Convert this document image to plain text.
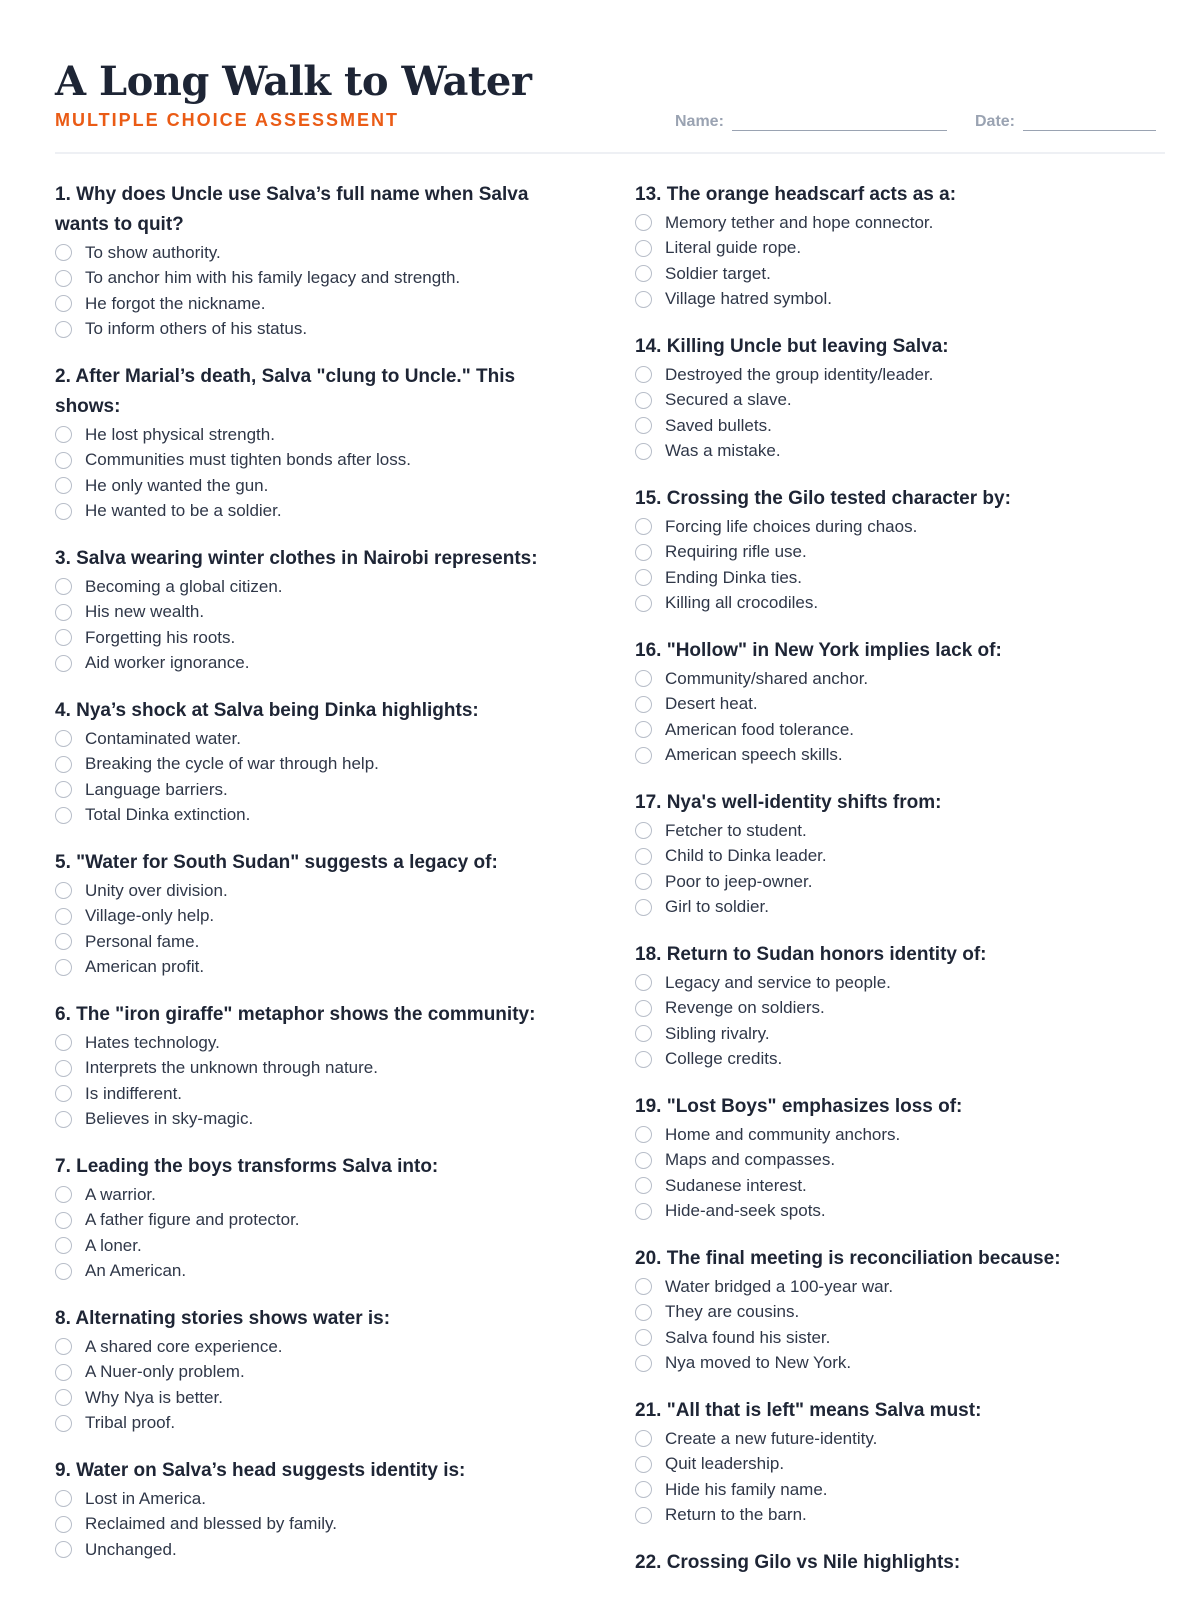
A Long Walk to Water
MULTIPLE CHOICE ASSESSMENT	Name:	Date:
1. Why does Uncle use Salva’s full name when Salva wants to quit?
To show authority.
To anchor him with his family legacy and strength.
He forgot the nickname.
To inform others of his status.
2. After Marial’s death, Salva "clung to Uncle." This shows:
He lost physical strength.
Communities must tighten bonds after loss.
He only wanted the gun.
He wanted to be a soldier.
3. Salva wearing winter clothes in Nairobi represents:
Becoming a global citizen.
His new wealth.
Forgetting his roots.
Aid worker ignorance.
4. Nya’s shock at Salva being Dinka highlights:
Contaminated water.
Breaking the cycle of war through help.
Language barriers.
Total Dinka extinction.
5. "Water for South Sudan" suggests a legacy of:
Unity over division.
Village-only help.
Personal fame.
American profit.
6. The "iron giraffe" metaphor shows the community:
Hates technology.
Interprets the unknown through nature.
Is indifferent.
Believes in sky-magic.
7. Leading the boys transforms Salva into:
A warrior.
A father figure and protector.
A loner.
An American.
8. Alternating stories shows water is:
A shared core experience.
A Nuer-only problem.
Why Nya is better.
Tribal proof.
9. Water on Salva’s head suggests identity is:
Lost in America.
Reclaimed and blessed by family.
Unchanged.
13. The orange headscarf acts as a:
Memory tether and hope connector.
Literal guide rope.
Soldier target.
Village hatred symbol.
14. Killing Uncle but leaving Salva:
Destroyed the group identity/leader.
Secured a slave.
Saved bullets.
Was a mistake.
15. Crossing the Gilo tested character by:
Forcing life choices during chaos.
Requiring rifle use.
Ending Dinka ties.
Killing all crocodiles.
16. "Hollow" in New York implies lack of:
Community/shared anchor.
Desert heat.
American food tolerance.
American speech skills.
17. Nya's well-identity shifts from:
Fetcher to student.
Child to Dinka leader.
Poor to jeep-owner.
Girl to soldier.
18. Return to Sudan honors identity of:
Legacy and service to people.
Revenge on soldiers.
Sibling rivalry.
College credits.
19. "Lost Boys" emphasizes loss of:
Home and community anchors.
Maps and compasses.
Sudanese interest.
Hide-and-seek spots.
20. The final meeting is reconciliation because:
Water bridged a 100-year war.
They are cousins.
Salva found his sister.
Nya moved to New York.
21. "All that is left" means Salva must:
Create a new future-identity.
Quit leadership.
Hide his family name.
Return to the barn.
22. Crossing Gilo vs Nile highlights:
